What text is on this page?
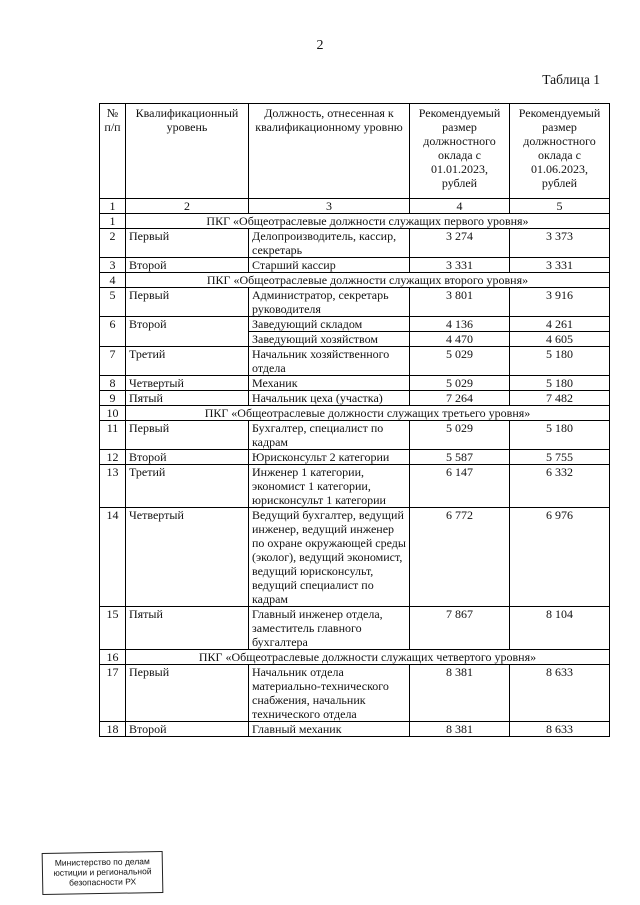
2
Таблица 1
№ п/п	Квалификационный уровень	Должность, отнесенная к квалификационному уровню	Рекомендуемый размер должностного оклада с 01.01.2023, рублей	Рекомендуемый размер должностного оклада с 01.06.2023, рублей
1	2	3	4	5
1	ПКГ «Общеотраслевые должности служащих первого уровня»			
2	Первый	Делопроизводитель, кассир, секретарь	3 274	3 373
3	Второй	Старший кассир	3 331	3 331
4	ПКГ «Общеотраслевые должности служащих второго уровня»			
5	Первый	Администратор, секретарь руководителя	3 801	3 916
6	Второй	Заведующий складом	4 136	4 261
		Заведующий хозяйством	4 470	4 605
7	Третий	Начальник хозяйственного отдела	5 029	5 180
8	Четвертый	Механик	5 029	5 180
9	Пятый	Начальник цеха (участка)	7 264	7 482
10	ПКГ «Общеотраслевые должности служащих третьего уровня»			
11	Первый	Бухгалтер, специалист по кадрам	5 029	5 180
12	Второй	Юрисконсульт 2 категории	5 587	5 755
13	Третий	Инженер 1 категории, экономист 1 категории, юрисконсульт 1 категории	6 147	6 332
14	Четвертый	Ведущий бухгалтер, ведущий инженер, ведущий инженер по охране окружающей среды (эколог), ведущий экономист, ведущий юрисконсульт, ведущий специалист по кадрам	6 772	6 976
15	Пятый	Главный инженер отдела, заместитель главного бухгалтера	7 867	8 104
16	ПКГ «Общеотраслевые должности служащих четвертого уровня»			
17	Первый	Начальник отдела материально-технического снабжения, начальник технического отдела	8 381	8 633
18	Второй	Главный механик	8 381	8 633
Министерство по делам
юстиции и региональной
безопасности РХ
